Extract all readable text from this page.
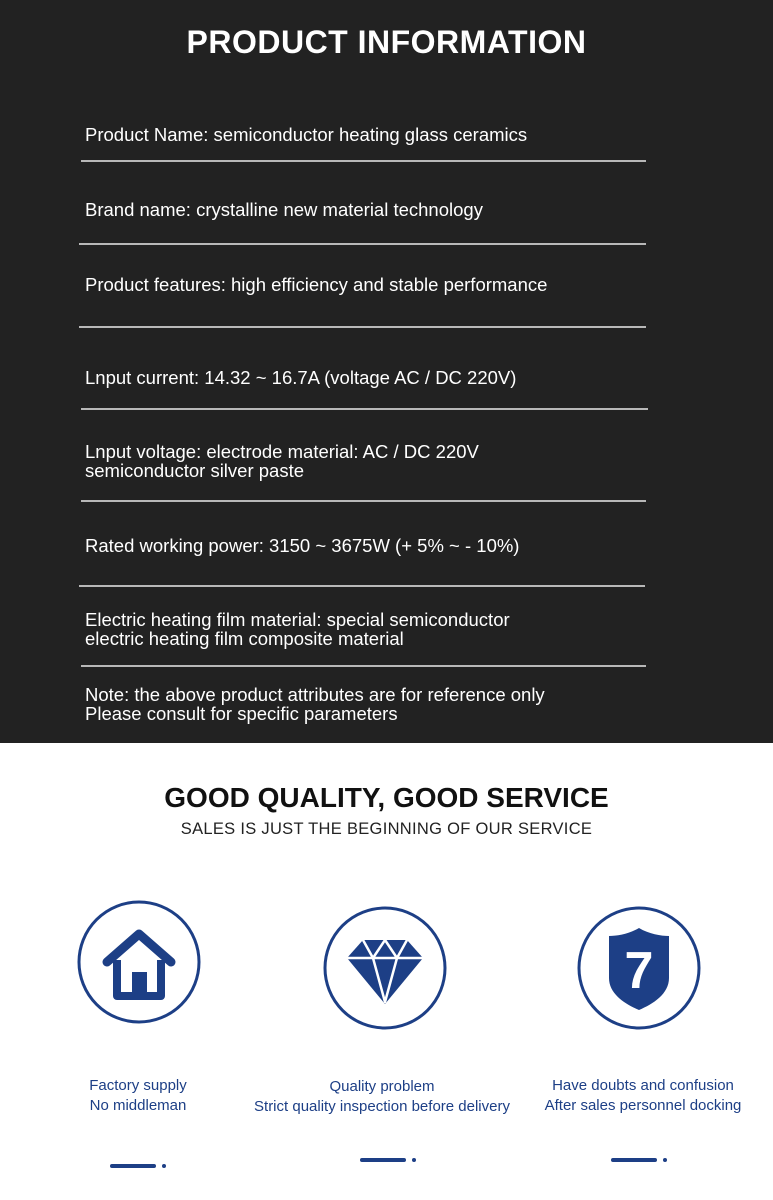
PRODUCT INFORMATION
Product Name: semiconductor heating glass ceramics
Brand name: crystalline new material technology
Product features: high efficiency and stable performance
Lnput current: 14.32 ~ 16.7A (voltage AC / DC 220V)
Lnput voltage: electrode material: AC / DC 220V
semiconductor silver paste
Rated working power: 3150 ~ 3675W (+ 5% ~ - 10%)
Electric heating film material: special semiconductor
electric heating film composite material
Note: the above product attributes are for reference only
Please consult for specific parameters
GOOD QUALITY, GOOD SERVICE
SALES IS JUST THE BEGINNING OF OUR SERVICE
Factory supply
No middleman
Quality problem
Strict quality inspection before delivery
7
Have doubts and confusion
After sales personnel docking
